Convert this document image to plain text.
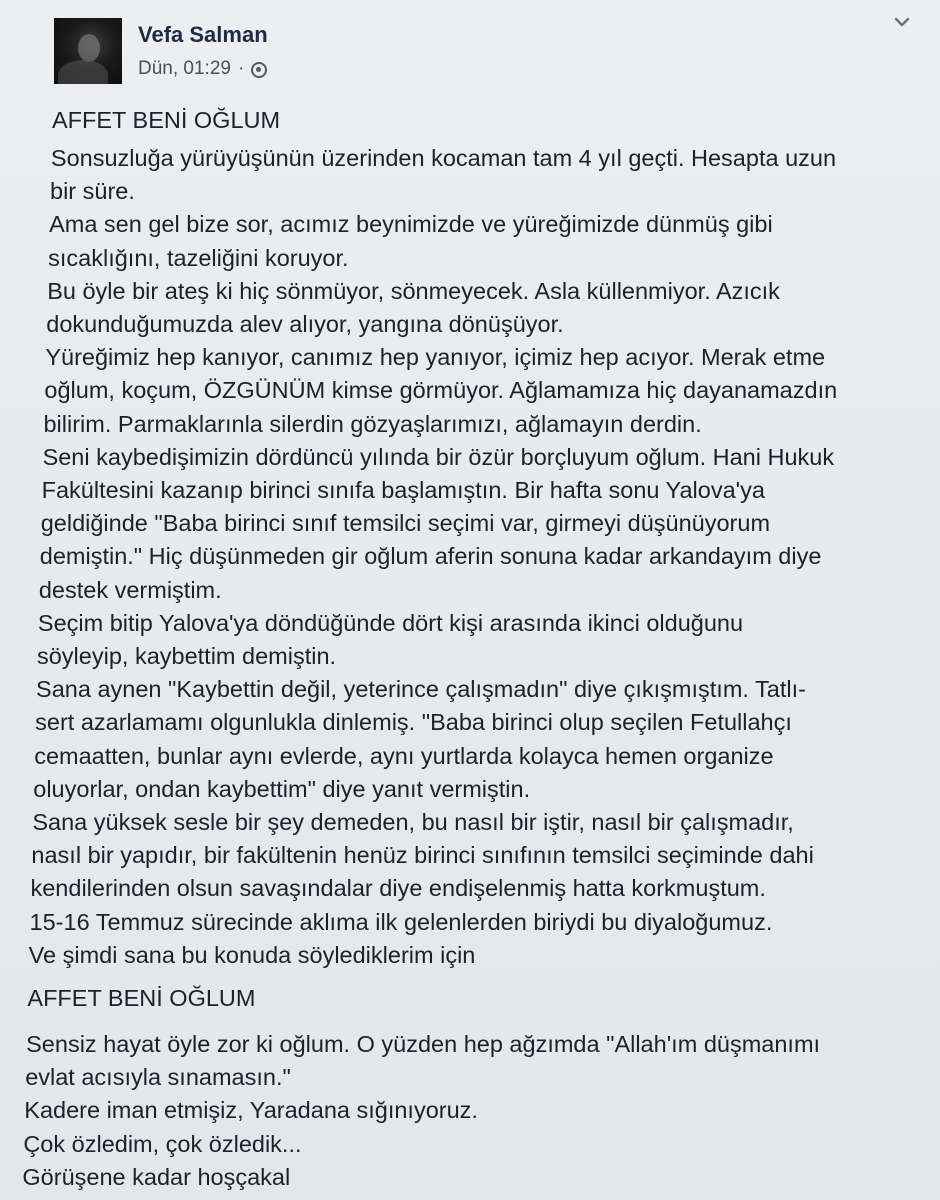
Vefa Salman
Dün, 01:29 ·
AFFET BENİ OĞLUM
Sonsuzluğa yürüyüşünün üzerinden kocaman tam 4 yıl geçti. Hesapta uzun
bir süre.
Ama sen gel bize sor, acımız beynimizde ve yüreğimizde dünmüş gibi
sıcaklığını, tazeliğini koruyor.
Bu öyle bir ateş ki hiç sönmüyor, sönmeyecek. Asla küllenmiyor. Azıcık
dokunduğumuzda alev alıyor, yangına dönüşüyor.
Yüreğimiz hep kanıyor, canımız hep yanıyor, içimiz hep acıyor. Merak etme
oğlum, koçum, ÖZGÜNÜM kimse görmüyor. Ağlamamıza hiç dayanamazdın
bilirim. Parmaklarınla silerdin gözyaşlarımızı, ağlamayın derdin.
Seni kaybedişimizin dördüncü yılında bir özür borçluyum oğlum. Hani Hukuk
Fakültesini kazanıp birinci sınıfa başlamıştın. Bir hafta sonu Yalova'ya
geldiğinde "Baba birinci sınıf temsilci seçimi var, girmeyi düşünüyorum
demiştin." Hiç düşünmeden gir oğlum aferin sonuna kadar arkandayım diye
destek vermiştim.
Seçim bitip Yalova'ya döndüğünde dört kişi arasında ikinci olduğunu
söyleyip, kaybettim demiştin.
Sana aynen "Kaybettin değil, yeterince çalışmadın" diye çıkışmıştım. Tatlı-
sert azarlamamı olgunlukla dinlemiş. "Baba birinci olup seçilen Fetullahçı
cemaatten, bunlar aynı evlerde, aynı yurtlarda kolayca hemen organize
oluyorlar, ondan kaybettim" diye yanıt vermiştin.
Sana yüksek sesle bir şey demeden, bu nasıl bir iştir, nasıl bir çalışmadır,
nasıl bir yapıdır, bir fakültenin henüz birinci sınıfının temsilci seçiminde dahi
kendilerinden olsun savaşındalar diye endişelenmiş hatta korkmuştum.
15-16 Temmuz sürecinde aklıma ilk gelenlerden biriydi bu diyaloğumuz.
Ve şimdi sana bu konuda söylediklerim için
AFFET BENİ OĞLUM
Sensiz hayat öyle zor ki oğlum. O yüzden hep ağzımda "Allah'ım düşmanımı
evlat acısıyla sınamasın."
Kadere iman etmişiz, Yaradana sığınıyoruz.
Çok özledim, çok özledik...
Görüşene kadar hoşçakal
